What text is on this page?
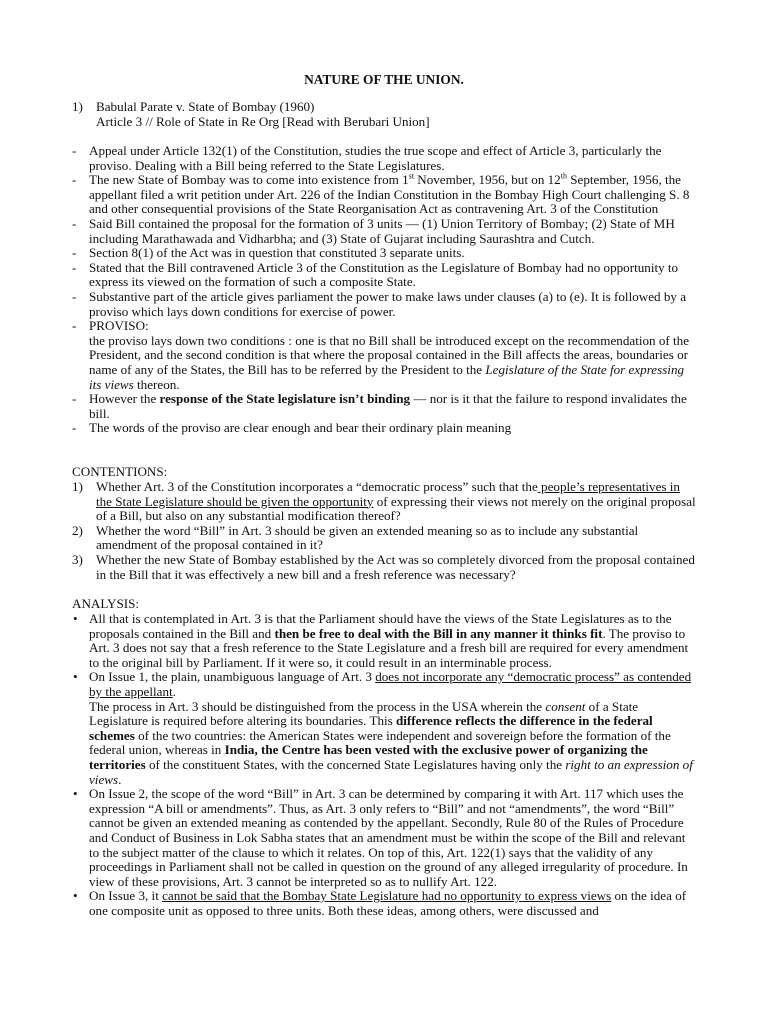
NATURE OF THE UNION.
1) Babulal Parate v. State of Bombay (1960)
Article 3 // Role of State in Re Org [Read with Berubari Union]
- Appeal under Article 132(1) of the Constitution, studies the true scope and effect of Article 3, particularly the proviso. Dealing with a Bill being referred to the State Legislatures.
- The new State of Bombay was to come into existence from 1st November, 1956, but on 12th September, 1956, the appellant filed a writ petition under Art. 226 of the Indian Constitution in the Bombay High Court challenging S. 8 and other consequential provisions of the State Reorganisation Act as contravening Art. 3 of the Constitution
- Said Bill contained the proposal for the formation of 3 units — (1) Union Territory of Bombay; (2) State of MH including Marathawada and Vidharbha; and (3) State of Gujarat including Saurashtra and Cutch.
- Section 8(1) of the Act was in question that constituted 3 separate units.
- Stated that the Bill contravened Article 3 of the Constitution as the Legislature of Bombay had no opportunity to express its viewed on the formation of such a composite State.
- Substantive part of the article gives parliament the power to make laws under clauses (a) to (e). It is followed by a proviso which lays down conditions for exercise of power.
- PROVISO:
the proviso lays down two conditions : one is that no Bill shall be introduced except on the recommendation of the President, and the second condition is that where the proposal contained in the Bill affects the areas, boundaries or name of any of the States, the Bill has to be referred by the President to the Legislature of the State for expressing its views thereon.
- However the response of the State legislature isn’t binding — nor is it that the failure to respond invalidates the bill.
- The words of the proviso are clear enough and bear their ordinary plain meaning
CONTENTIONS:
1) Whether Art. 3 of the Constitution incorporates a “democratic process” such that the people’s representatives in the State Legislature should be given the opportunity of expressing their views not merely on the original proposal of a Bill, but also on any substantial modification thereof?
2) Whether the word “Bill” in Art. 3 should be given an extended meaning so as to include any substantial amendment of the proposal contained in it?
3) Whether the new State of Bombay established by the Act was so completely divorced from the proposal contained in the Bill that it was effectively a new bill and a fresh reference was necessary?
ANALYSIS:
• All that is contemplated in Art. 3 is that the Parliament should have the views of the State Legislatures as to the proposals contained in the Bill and then be free to deal with the Bill in any manner it thinks fit. The proviso to Art. 3 does not say that a fresh reference to the State Legislature and a fresh bill are required for every amendment to the original bill by Parliament. If it were so, it could result in an interminable process.
• On Issue 1, the plain, unambiguous language of Art. 3 does not incorporate any “democratic process” as contended by the appellant.

The process in Art. 3 should be distinguished from the process in the USA wherein the consent of a State Legislature is required before altering its boundaries. This difference reflects the difference in the federal schemes of the two countries: the American States were independent and sovereign before the formation of the federal union, whereas in India, the Centre has been vested with the exclusive power of organizing the territories of the constituent States, with the concerned State Legislatures having only the right to an expression of views.

• On Issue 2, the scope of the word “Bill” in Art. 3 can be determined by comparing it with Art. 117 which uses the expression “A bill or amendments”. Thus, as Art. 3 only refers to “Bill” and not “amendments”, the word “Bill” cannot be given an extended meaning as contended by the appellant. Secondly, Rule 80 of the Rules of Procedure and Conduct of Business in Lok Sabha states that an amendment must be within the scope of the Bill and relevant to the subject matter of the clause to which it relates. On top of this, Art. 122(1) says that the validity of any proceedings in Parliament shall not be called in question on the ground of any alleged irregularity of procedure. In view of these provisions, Art. 3 cannot be interpreted so as to nullify Art. 122.
• On Issue 3, it cannot be said that the Bombay State Legislature had no opportunity to express views on the idea of one composite unit as opposed to three units. Both these ideas, among others, were discussed and
